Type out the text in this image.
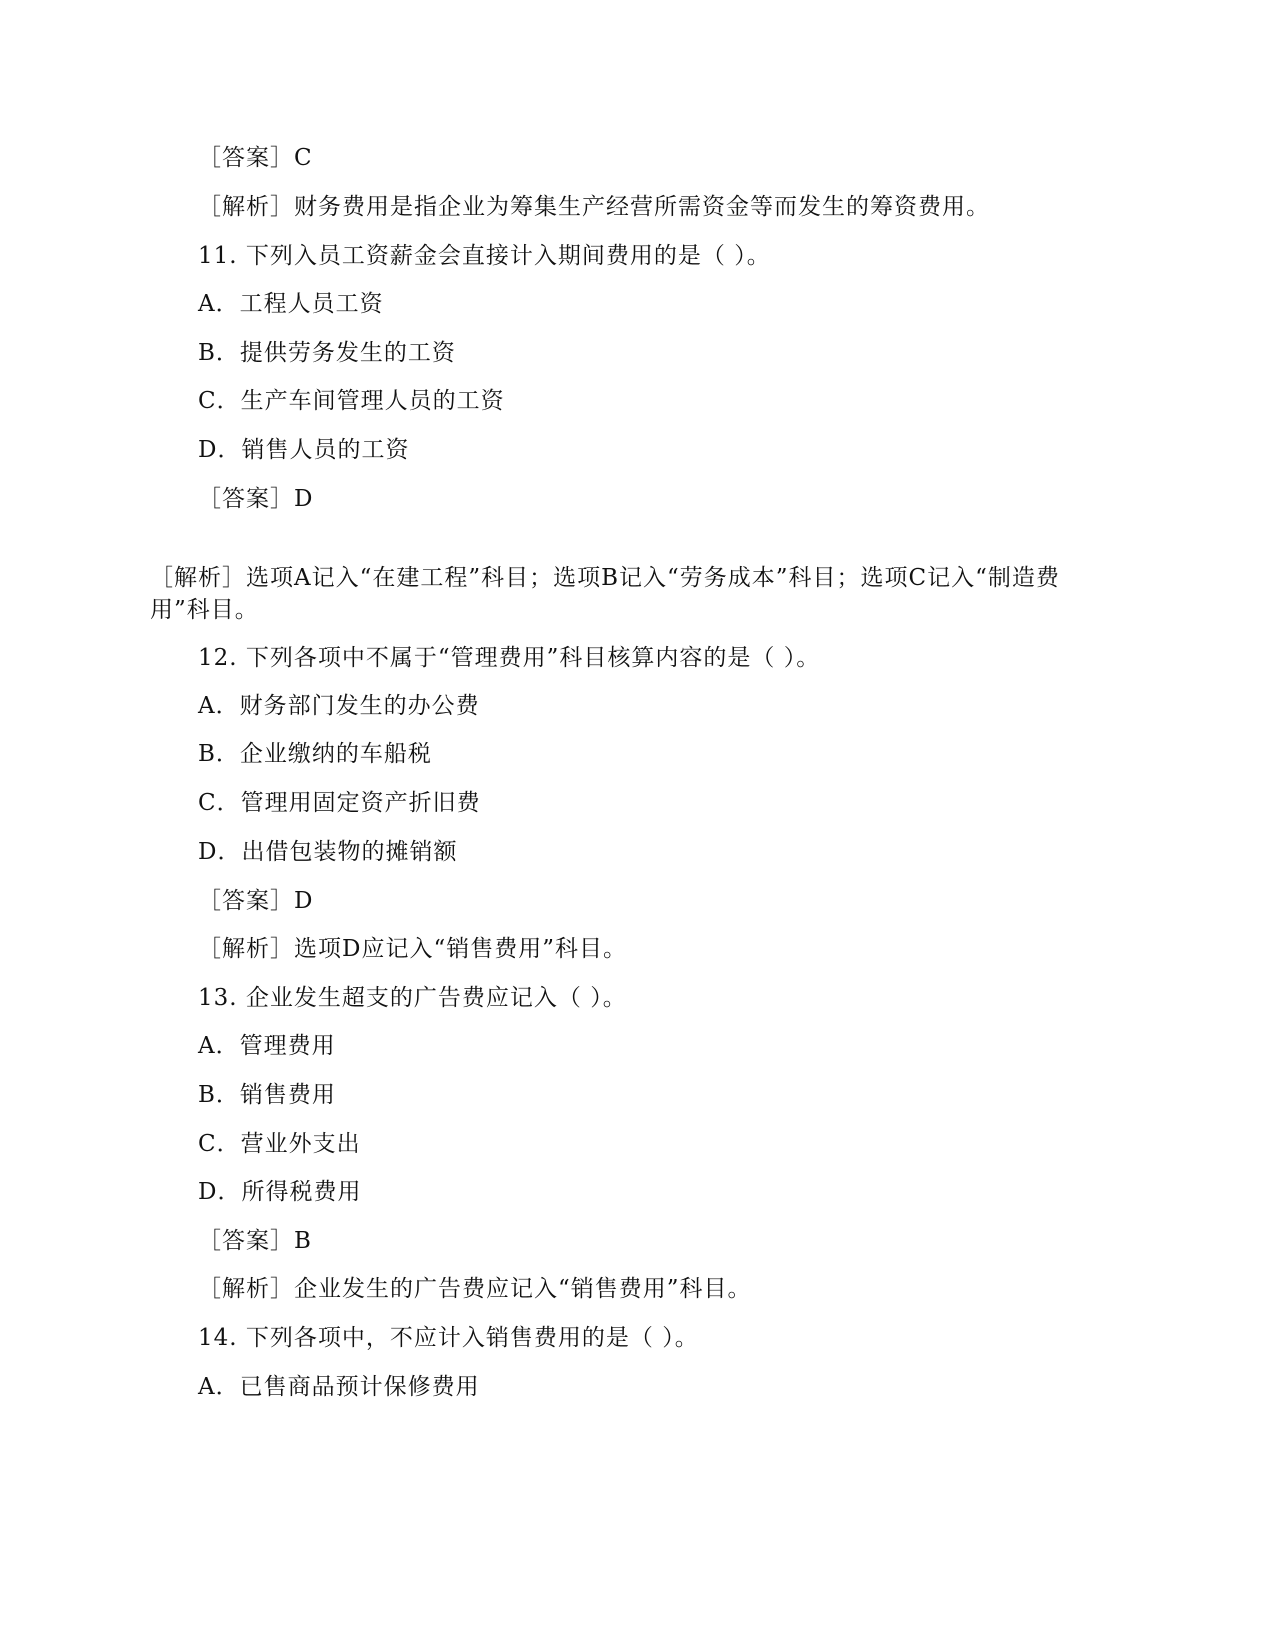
［答案］C
［解析］财务费用是指企业为筹集生产经营所需资金等而发生的筹资费用。
11. 下列入员工资薪金会直接计入期间费用的是（ ）。
A．工程人员工资
B．提供劳务发生的工资
C．生产车间管理人员的工资
D．销售人员的工资
［答案］D
［解析］选项A记入“在建工程”科目；选项B记入“劳务成本”科目；选项C记入“制造费用”科目。
12. 下列各项中不属于“管理费用”科目核算内容的是（ ）。
A．财务部门发生的办公费
B．企业缴纳的车船税
C．管理用固定资产折旧费
D．出借包装物的摊销额
［答案］D
［解析］选项D应记入“销售费用”科目。
13. 企业发生超支的广告费应记入（ ）。
A．管理费用
B．销售费用
C．营业外支出
D．所得税费用
［答案］B
［解析］企业发生的广告费应记入“销售费用”科目。
14. 下列各项中，不应计入销售费用的是（ ）。
A．已售商品预计保修费用
